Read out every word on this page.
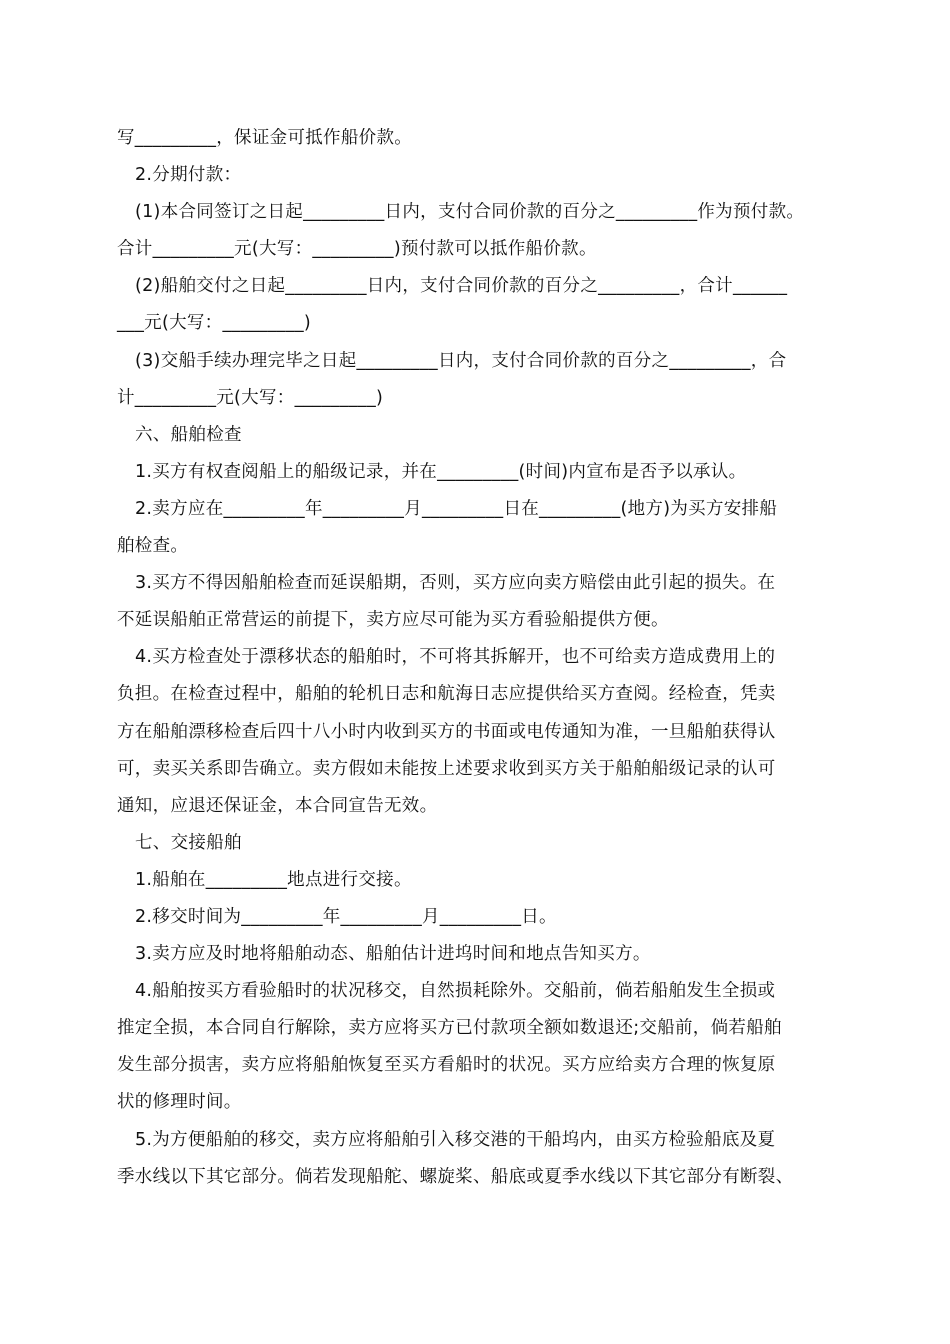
写_________，保证金可抵作船价款。
2.分期付款：
(1)本合同签订之日起_________日内，支付合同价款的百分之_________作为预付款。
合计_________元(大写：_________)预付款可以抵作船价款。
(2)船舶交付之日起_________日内，支付合同价款的百分之_________，合计______
___元(大写：_________)
(3)交船手续办理完毕之日起_________日内，支付合同价款的百分之_________，合
计_________元(大写：_________)
六、船舶检查
1.买方有权查阅船上的船级记录，并在_________(时间)内宣布是否予以承认。
2.卖方应在_________年_________月_________日在_________(地方)为买方安排船
舶检查。
3.买方不得因船舶检查而延误船期，否则，买方应向卖方赔偿由此引起的损失。在
不延误船舶正常营运的前提下，卖方应尽可能为买方看验船提供方便。
4.买方检查处于漂移状态的船舶时，不可将其拆解开，也不可给卖方造成费用上的
负担。在检查过程中，船舶的轮机日志和航海日志应提供给买方查阅。经检查，凭卖
方在船舶漂移检查后四十八小时内收到买方的书面或电传通知为准，一旦船舶获得认
可，卖买关系即告确立。卖方假如未能按上述要求收到买方关于船舶船级记录的认可
通知，应退还保证金，本合同宣告无效。
七、交接船舶
1.船舶在_________地点进行交接。
2.移交时间为_________年_________月_________日。
3.卖方应及时地将船舶动态、船舶估计进坞时间和地点告知买方。
4.船舶按买方看验船时的状况移交，自然损耗除外。交船前，倘若船舶发生全损或
推定全损，本合同自行解除，卖方应将买方已付款项全额如数退还;交船前，倘若船舶
发生部分损害，卖方应将船舶恢复至买方看船时的状况。买方应给卖方合理的恢复原
状的修理时间。
5.为方便船舶的移交，卖方应将船舶引入移交港的干船坞内，由买方检验船底及夏
季水线以下其它部分。倘若发现船舵、螺旋桨、船底或夏季水线以下其它部分有断裂、
